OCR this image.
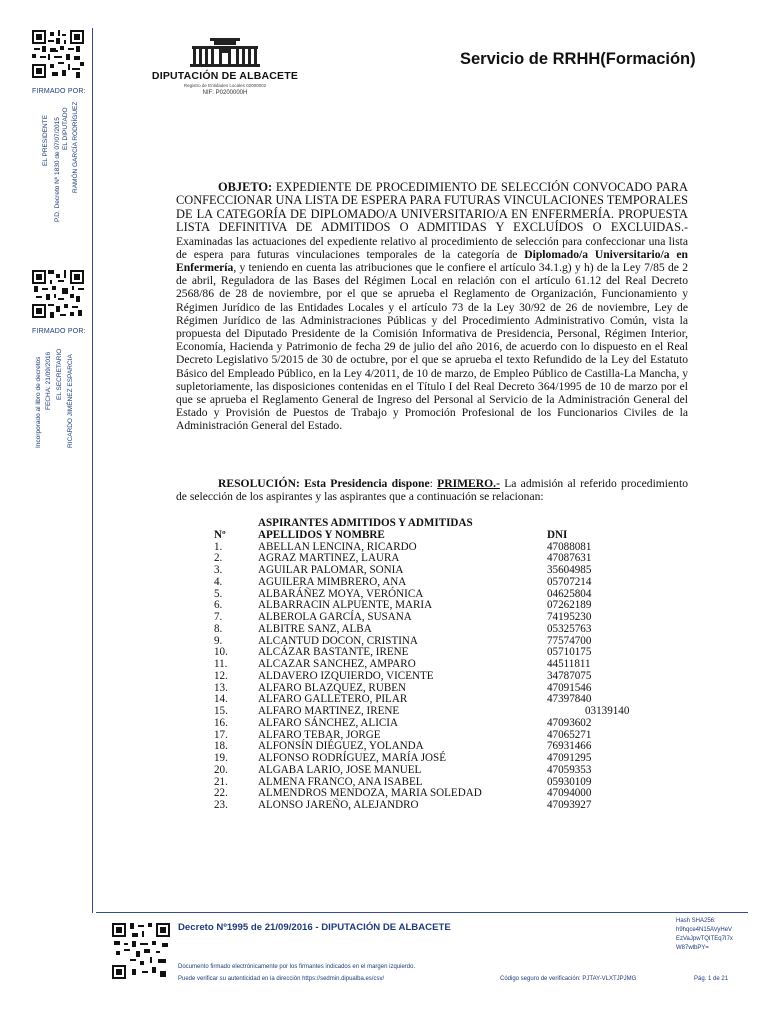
FIRMADO POR:
P.D. Decreto Nº 1830 de 07/07/2015
EL PRESIDENTE EL DIPUTADO RAMÓN GARCÍA RODRÍGUEZ
FIRMADO POR:
Incorporado al libro de decretos FECHA: 21/09/2016 EL SECRETARIO RICARDO JIMÉNEZ ESPARCIA
DIPUTACIÓN DE ALBACETE
Registro de Entidades Locales 02000002
NIF: P0200000H
Servicio de RRHH(Formación)
OBJETO: EXPEDIENTE DE PROCEDIMIENTO DE SELECCIÓN CONVOCADO PARA CONFECCIONAR UNA LISTA DE ESPERA PARA FUTURAS VINCULACIONES TEMPORALES DE LA CATEGORÍA DE DIPLOMADO/A UNIVERSITARIO/A EN ENFERMERÍA. PROPUESTA LISTA DEFINITIVA DE ADMITIDOS O ADMITIDAS Y EXCLUÍDOS O EXCLUIDAS.- Examinadas las actuaciones del expediente relativo al procedimiento de selección para confeccionar una lista de espera para futuras vinculaciones temporales de la categoría de Diplomado/a Universitario/a en Enfermería, y teniendo en cuenta las atribuciones que le confiere el artículo 34.1.g) y h) de la Ley 7/85 de 2 de abril, Reguladora de las Bases del Régimen Local en relación con el artículo 61.12 del Real Decreto 2568/86 de 28 de noviembre, por el que se aprueba el Reglamento de Organización, Funcionamiento y Régimen Jurídico de las Entidades Locales y el artículo 73 de la Ley 30/92 de 26 de noviembre, Ley de Régimen Jurídico de las Administraciones Públicas y del Procedimiento Administrativo Común, vista la propuesta del Diputado Presidente de la Comisión Informativa de Presidencia, Personal, Régimen Interior, Economía, Hacienda y Patrimonio de fecha 29 de julio del año 2016, de acuerdo con lo dispuesto en el Real Decreto Legislativo 5/2015 de 30 de octubre, por el que se aprueba el texto Refundido de la Ley del Estatuto Básico del Empleado Público, en la Ley 4/2011, de 10 de marzo, de Empleo Público de Castilla-La Mancha, y supletoriamente, las disposiciones contenidas en el Título I del Real Decreto 364/1995 de 10 de marzo por el que se aprueba el Reglamento General de Ingreso del Personal al Servicio de la Administración General del Estado y Provisión de Puestos de Trabajo y Promoción Profesional de los Funcionarios Civiles de la Administración General del Estado.
RESOLUCIÓN: Esta Presidencia dispone: PRIMERO.- La admisión al referido procedimiento de selección de los aspirantes y las aspirantes que a continuación se relacionan:
ASPIRANTES ADMITIDOS Y ADMITIDAS
Nº	APELLIDOS Y NOMBRE	DNI
1.	ABELLAN LENCINA, RICARDO	47088081
2.	AGRAZ MARTINEZ, LAURA	47087631
3.	AGUILAR PALOMAR, SONIA	35604985
4.	AGUILERA MIMBRERO, ANA	05707214
5.	ALBARÁÑEZ MOYA, VERÓNICA	04625804
6.	ALBARRACIN ALPUENTE, MARIA	07262189
7.	ALBEROLA GARCÍA, SUSANA	74195230
8.	ALBITRE SANZ, ALBA	05325763
9.	ALCANTUD DOCON, CRISTINA	77574700
10.	ALCÁZAR BASTANTE, IRENE	05710175
11.	ALCAZAR SANCHEZ, AMPARO	44511811
12.	ALDAVERO IZQUIERDO, VICENTE	34787075
13.	ALFARO BLAZQUEZ, RUBEN	47091546
14.	ALFARO GALLETERO, PILAR	47397840
15.	ALFARO MARTINEZ, IRENE	03139140
16.	ALFARO SÁNCHEZ, ALICIA	47093602
17.	ALFARO TEBAR, JORGE	47065271
18.	ALFONSÍN DIÉGUEZ, YOLANDA	76931466
19.	ALFONSO RODRÍGUEZ, MARÍA JOSÉ	47091295
20.	ALGABA LARIO, JOSE MANUEL	47059353
21.	ALMENA FRANCO, ANA ISABEL	05930109
22.	ALMENDROS MENDOZA, MARIA SOLEDAD	47094000
23.	ALONSO JAREÑO, ALEJANDRO	47093927
Decreto Nº1995 de 21/09/2016 - DIPUTACIÓN DE ALBACETE
Hash SHA256:
h9hqce4N15AVyHeV
EzVaJpwTQITEq7I7x
W87wlbPY=
Documento firmado electrónicamente por los firmantes indicados en el margen izquierdo.
Puede verificar su autenticidad en la dirección https://sedmin.dipualba.es/csv/	Código seguro de verificación: PJTAY-VLXTJPJMG	Pág. 1 de 21
